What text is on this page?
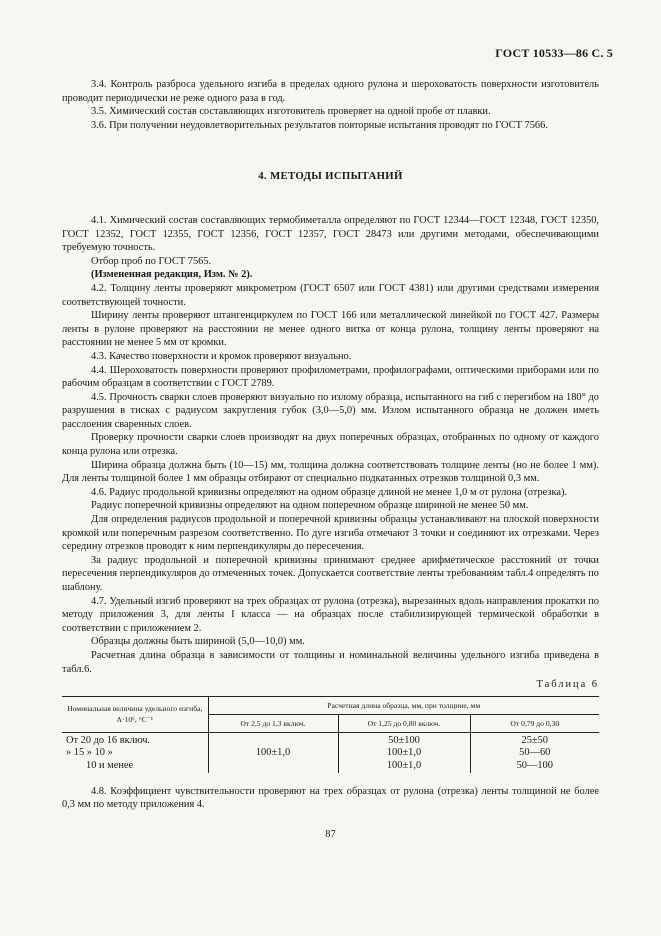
ГОСТ 10533—86 С. 5

3.4. Контроль разброса удельного изгиба в пределах одного рулона и шероховатость поверхности изготовитель проводит периодически не реже одного раза в год.

3.5. Химический состав составляющих изготовитель проверяет на одной пробе от плавки.

3.6. При получении неудовлетворительных результатов повторные испытания проводят по ГОСТ 7566.

4. МЕТОДЫ ИСПЫТАНИЙ

4.1. Химический состав составляющих термобиметалла определяют по ГОСТ 12344—ГОСТ 12348, ГОСТ 12350, ГОСТ 12352, ГОСТ 12355, ГОСТ 12356, ГОСТ 12357, ГОСТ 28473 или другими методами, обеспечивающими требуемую точность.

Отбор проб по ГОСТ 7565.

(Измененная редакция, Изм. № 2).

4.2. Толщину ленты проверяют микрометром (ГОСТ 6507 или ГОСТ 4381) или другими средствами измерения соответствующей точности.

Ширину ленты проверяют штангенциркулем по ГОСТ 166 или металлической линейкой по ГОСТ 427. Размеры ленты в рулоне проверяют на расстоянии не менее одного витка от конца рулона, толщину ленты проверяют на расстоянии не менее 5 мм от кромки.

4.3. Качество поверхности и кромок проверяют визуально.

4.4. Шероховатость поверхности проверяют профилометрами, профилографами, оптическими приборами или по рабочим образцам в соответствии с ГОСТ 2789.

4.5. Прочность сварки слоев проверяют визуально по излому образца, испытанного на гиб с перегибом на 180° до разрушения в тисках с радиусом закругления губок (3,0—5,0) мм. Излом испытанного образца не должен иметь расслоения сваренных слоев.

Проверку прочности сварки слоев производят на двух поперечных образцах, отобранных по одному от каждого конца рулона или отрезка.

Ширина образца должна быть (10—15) мм, толщина должна соответствовать толщине ленты (но не более 1 мм). Для ленты толщиной более 1 мм образцы отбирают от специально подкатанных отрезков толщиной 0,3 мм.

4.6. Радиус продольной кривизны определяют на одном образце длиной не менее 1,0 м от рулона (отрезка).

Радиус поперечной кривизны определяют на одном поперечном образце шириной не менее 50 мм.

Для определения радиусов продольной и поперечной кривизны образцы устанавливают на плоской поверхности кромкой или поперечным разрезом соответственно. По дуге изгиба отмечают 3 точки и соединяют их отрезками. Через середину отрезков проводят к ним перпендикуляры до пересечения.

За радиус продольной и поперечной кривизны принимают среднее арифметическое расстояний от точки пересечения перпендикуляров до отмеченных точек. Допускается соответствие ленты требованиям табл.4 определять по шаблону.

4.7. Удельный изгиб проверяют на трех образцах от рулона (отрезка), вырезанных вдоль направления прокатки по методу приложения 3, для ленты I класса — на образцах после стабилизирующей термической обработки в соответствии с приложением 2.

Образцы должны быть шириной (5,0—10,0) мм.

Расчетная длина образца в зависимости от толщины и номинальной величины удельного изгиба приведена в табл.6.

Таблица 6
Номинальная величина удельного изгиба, А·10⁶, °С⁻¹	Расчетная длина образца, мм, при толщине, мм		
	От 2,5 до 1,3 включ.	От 1,25 до 0,80 включ.	От 0,79 до 0,30
От 20 до 16 включ.		50±100	25±50
» 15 » 10 »	100±1,0	100±1,0	50—60
10 и менее		100±1,0	50—100

4.8. Коэффициент чувствительности проверяют на трех образцах от рулона (отрезка) ленты толщиной не более 0,3 мм по методу приложения 4.

87
